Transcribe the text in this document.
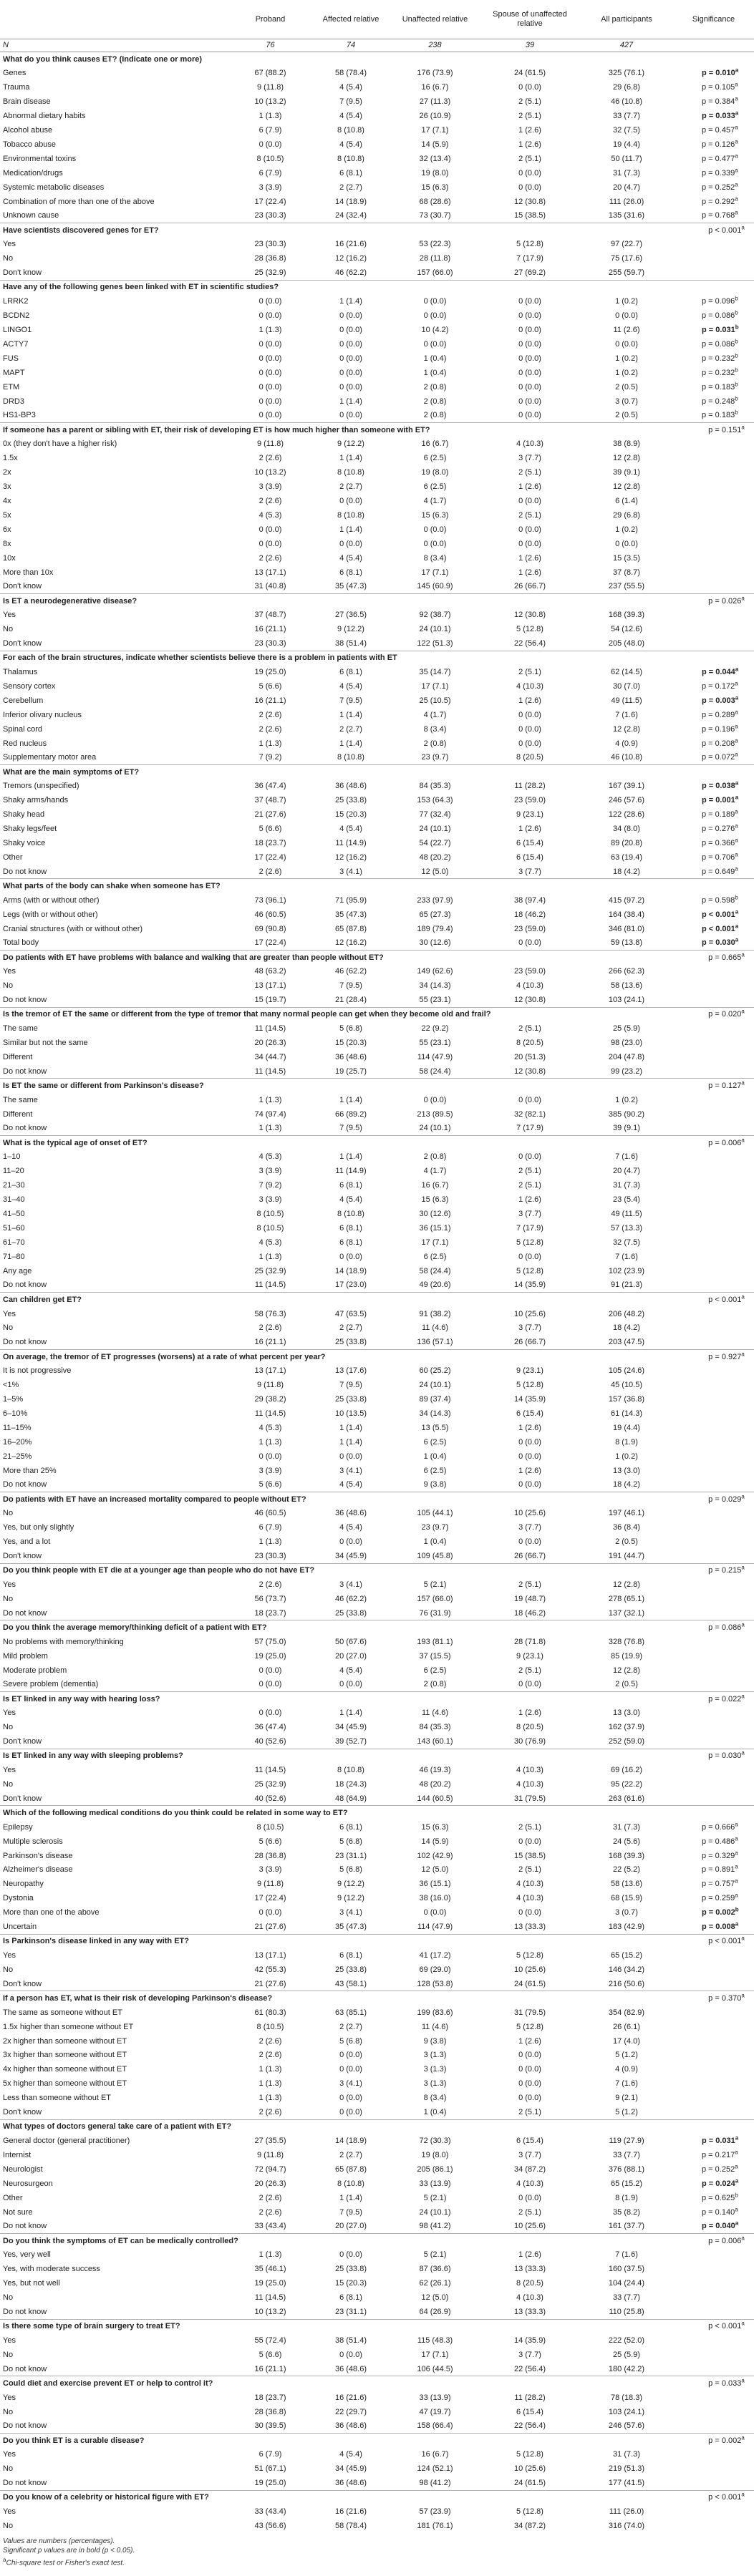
	Proband	Affected relative	Unaffected relative	Spouse of unaffected relative	All participants	Significance
N	76	74	238	39	427	
What do you think causes ET? (Indicate one or more)						
Genes	67 (88.2)	58 (78.4)	176 (73.9)	24 (61.5)	325 (76.1)	p = 0.010$^a$
Trauma	9 (11.8)	4 (5.4)	16 (6.7)	0 (0.0)	29 (6.8)	p = 0.105$^a$
Brain disease	10 (13.2)	7 (9.5)	27 (11.3)	2 (5.1)	46 (10.8)	p = 0.384$^a$
Abnormal dietary habits	1 (1.3)	4 (5.4)	26 (10.9)	2 (5.1)	33 (7.7)	p = 0.033$^a$
Alcohol abuse	6 (7.9)	8 (10.8)	17 (7.1)	1 (2.6)	32 (7.5)	p = 0.457$^a$
Tobacco abuse	0 (0.0)	4 (5.4)	14 (5.9)	1 (2.6)	19 (4.4)	p = 0.126$^a$
Environmental toxins	8 (10.5)	8 (10.8)	32 (13.4)	2 (5.1)	50 (11.7)	p = 0.477$^a$
Medication/drugs	6 (7.9)	6 (8.1)	19 (8.0)	0 (0.0)	31 (7.3)	p = 0.339$^a$
Systemic metabolic diseases	3 (3.9)	2 (2.7)	15 (6.3)	0 (0.0)	20 (4.7)	p = 0.252$^a$
Combination of more than one of the above	17 (22.4)	14 (18.9)	68 (28.6)	12 (30.8)	111 (26.0)	p = 0.292$^a$
Unknown cause	23 (30.3)	24 (32.4)	73 (30.7)	15 (38.5)	135 (31.6)	p = 0.768$^a$
Have scientists discovered genes for ET?						p < 0.001$^a$
Yes	23 (30.3)	16 (21.6)	53 (22.3)	5 (12.8)	97 (22.7)	
No	28 (36.8)	12 (16.2)	28 (11.8)	7 (17.9)	75 (17.6)	
Don't know	25 (32.9)	46 (62.2)	157 (66.0)	27 (69.2)	255 (59.7)	
Have any of the following genes been linked with ET in scientific studies?						
LRRK2	0 (0.0)	1 (1.4)	0 (0.0)	0 (0.0)	1 (0.2)	p = 0.096$^b$
BCDN2	0 (0.0)	0 (0.0)	0 (0.0)	0 (0.0)	0 (0.0)	p = 0.086$^b$
LINGO1	1 (1.3)	0 (0.0)	10 (4.2)	0 (0.0)	11 (2.6)	p = 0.031$^b$
ACTY7	0 (0.0)	0 (0.0)	0 (0.0)	0 (0.0)	0 (0.0)	p = 0.086$^b$
FUS	0 (0.0)	0 (0.0)	1 (0.4)	0 (0.0)	1 (0.2)	p = 0.232$^b$
MAPT	0 (0.0)	0 (0.0)	1 (0.4)	0 (0.0)	1 (0.2)	p = 0.232$^b$
ETM	0 (0.0)	0 (0.0)	2 (0.8)	0 (0.0)	2 (0.5)	p = 0.183$^b$
DRD3	0 (0.0)	1 (1.4)	2 (0.8)	0 (0.0)	3 (0.7)	p = 0.248$^b$
HS1-BP3	0 (0.0)	0 (0.0)	2 (0.8)	0 (0.0)	2 (0.5)	p = 0.183$^b$
If someone has a parent or sibling with ET, their risk of developing ET is how much higher than someone with ET?						p = 0.151$^a$
0x (they don't have a higher risk)	9 (11.8)	9 (12.2)	16 (6.7)	4 (10.3)	38 (8.9)	
1.5x	2 (2.6)	1 (1.4)	6 (2.5)	3 (7.7)	12 (2.8)	
2x	10 (13.2)	8 (10.8)	19 (8.0)	2 (5.1)	39 (9.1)	
3x	3 (3.9)	2 (2.7)	6 (2.5)	1 (2.6)	12 (2.8)	
4x	2 (2.6)	0 (0.0)	4 (1.7)	0 (0.0)	6 (1.4)	
5x	4 (5.3)	8 (10.8)	15 (6.3)	2 (5.1)	29 (6.8)	
6x	0 (0.0)	1 (1.4)	0 (0.0)	0 (0.0)	1 (0.2)	
8x	0 (0.0)	0 (0.0)	0 (0.0)	0 (0.0)	0 (0.0)	
10x	2 (2.6)	4 (5.4)	8 (3.4)	1 (2.6)	15 (3.5)	
More than 10x	13 (17.1)	6 (8.1)	17 (7.1)	1 (2.6)	37 (8.7)	
Don't know	31 (40.8)	35 (47.3)	145 (60.9)	26 (66.7)	237 (55.5)	
Is ET a neurodegenerative disease?						p = 0.026$^a$
Yes	37 (48.7)	27 (36.5)	92 (38.7)	12 (30.8)	168 (39.3)	
No	16 (21.1)	9 (12.2)	24 (10.1)	5 (12.8)	54 (12.6)	
Don't know	23 (30.3)	38 (51.4)	122 (51.3)	22 (56.4)	205 (48.0)	
For each of the brain structures, indicate whether scientists believe there is a problem in patients with ET						
Thalamus	19 (25.0)	6 (8.1)	35 (14.7)	2 (5.1)	62 (14.5)	p = 0.044$^a$
Sensory cortex	5 (6.6)	4 (5.4)	17 (7.1)	4 (10.3)	30 (7.0)	p = 0.172$^a$
Cerebellum	16 (21.1)	7 (9.5)	25 (10.5)	1 (2.6)	49 (11.5)	p = 0.003$^a$
Inferior olivary nucleus	2 (2.6)	1 (1.4)	4 (1.7)	0 (0.0)	7 (1.6)	p = 0.289$^a$
Spinal cord	2 (2.6)	2 (2.7)	8 (3.4)	0 (0.0)	12 (2.8)	p = 0.196$^a$
Red nucleus	1 (1.3)	1 (1.4)	2 (0.8)	0 (0.0)	4 (0.9)	p = 0.208$^a$
Supplementary motor area	7 (9.2)	8 (10.8)	23 (9.7)	8 (20.5)	46 (10.8)	p = 0.072$^a$
What are the main symptoms of ET?						
Tremors (unspecified)	36 (47.4)	36 (48.6)	84 (35.3)	11 (28.2)	167 (39.1)	p = 0.038$^a$
Shaky arms/hands	37 (48.7)	25 (33.8)	153 (64.3)	23 (59.0)	246 (57.6)	p = 0.001$^a$
Shaky head	21 (27.6)	15 (20.3)	77 (32.4)	9 (23.1)	122 (28.6)	p = 0.189$^a$
Shaky legs/feet	5 (6.6)	4 (5.4)	24 (10.1)	1 (2.6)	34 (8.0)	p = 0.276$^a$
Shaky voice	18 (23.7)	11 (14.9)	54 (22.7)	6 (15.4)	89 (20.8)	p = 0.366$^a$
Other	17 (22.4)	12 (16.2)	48 (20.2)	6 (15.4)	63 (19.4)	p = 0.706$^a$
Do not know	2 (2.6)	3 (4.1)	12 (5.0)	3 (7.7)	18 (4.2)	p = 0.649$^a$
What parts of the body can shake when someone has ET?						
Arms (with or without other)	73 (96.1)	71 (95.9)	233 (97.9)	38 (97.4)	415 (97.2)	p = 0.598$^b$
Legs (with or without other)	46 (60.5)	35 (47.3)	65 (27.3)	18 (46.2)	164 (38.4)	p < 0.001$^a$
Cranial structures (with or without other)	69 (90.8)	65 (87.8)	189 (79.4)	23 (59.0)	346 (81.0)	p < 0.001$^a$
Total body	17 (22.4)	12 (16.2)	30 (12.6)	0 (0.0)	59 (13.8)	p = 0.030$^a$
Do patients with ET have problems with balance and walking that are greater than people without ET?						p = 0.665$^a$
Yes	48 (63.2)	46 (62.2)	149 (62.6)	23 (59.0)	266 (62.3)	
No	13 (17.1)	7 (9.5)	34 (14.3)	4 (10.3)	58 (13.6)	
Do not know	15 (19.7)	21 (28.4)	55 (23.1)	12 (30.8)	103 (24.1)	
Is the tremor of ET the same or different from the type of tremor that many normal people can get when they become old and frail?						p = 0.020$^a$
The same	11 (14.5)	5 (6.8)	22 (9.2)	2 (5.1)	25 (5.9)	
Similar but not the same	20 (26.3)	15 (20.3)	55 (23.1)	8 (20.5)	98 (23.0)	
Different	34 (44.7)	36 (48.6)	114 (47.9)	20 (51.3)	204 (47.8)	
Do not know	11 (14.5)	19 (25.7)	58 (24.4)	12 (30.8)	99 (23.2)	
Is ET the same or different from Parkinson's disease?						p = 0.127$^a$
The same	1 (1.3)	1 (1.4)	0 (0.0)	0 (0.0)	1 (0.2)	
Different	74 (97.4)	66 (89.2)	213 (89.5)	32 (82.1)	385 (90.2)	
Do not know	1 (1.3)	7 (9.5)	24 (10.1)	7 (17.9)	39 (9.1)	
What is the typical age of onset of ET?						p = 0.006$^a$
1–10	4 (5.3)	1 (1.4)	2 (0.8)	0 (0.0)	7 (1.6)	
11–20	3 (3.9)	11 (14.9)	4 (1.7)	2 (5.1)	20 (4.7)	
21–30	7 (9.2)	6 (8.1)	16 (6.7)	2 (5.1)	31 (7.3)	
31–40	3 (3.9)	4 (5.4)	15 (6.3)	1 (2.6)	23 (5.4)	
41–50	8 (10.5)	8 (10.8)	30 (12.6)	3 (7.7)	49 (11.5)	
51–60	8 (10.5)	6 (8.1)	36 (15.1)	7 (17.9)	57 (13.3)	
61–70	4 (5.3)	6 (8.1)	17 (7.1)	5 (12.8)	32 (7.5)	
71–80	1 (1.3)	0 (0.0)	6 (2.5)	0 (0.0)	7 (1.6)	
Any age	25 (32.9)	14 (18.9)	58 (24.4)	5 (12.8)	102 (23.9)	
Do not know	11 (14.5)	17 (23.0)	49 (20.6)	14 (35.9)	91 (21.3)	
Can children get ET?						p < 0.001$^a$
Yes	58 (76.3)	47 (63.5)	91 (38.2)	10 (25.6)	206 (48.2)	
No	2 (2.6)	2 (2.7)	11 (4.6)	3 (7.7)	18 (4.2)	
Do not know	16 (21.1)	25 (33.8)	136 (57.1)	26 (66.7)	203 (47.5)	
On average, the tremor of ET progresses (worsens) at a rate of what percent per year?						p = 0.927$^a$
It is not progressive	13 (17.1)	13 (17.6)	60 (25.2)	9 (23.1)	105 (24.6)	
<1%	9 (11.8)	7 (9.5)	24 (10.1)	5 (12.8)	45 (10.5)	
1–5%	29 (38.2)	25 (33.8)	89 (37.4)	14 (35.9)	157 (36.8)	
6–10%	11 (14.5)	10 (13.5)	34 (14.3)	6 (15.4)	61 (14.3)	
11–15%	4 (5.3)	1 (1.4)	13 (5.5)	1 (2.6)	19 (4.4)	
16–20%	1 (1.3)	1 (1.4)	6 (2.5)	0 (0.0)	8 (1.9)	
21–25%	0 (0.0)	0 (0.0)	1 (0.4)	0 (0.0)	1 (0.2)	
More than 25%	3 (3.9)	3 (4.1)	6 (2.5)	1 (2.6)	13 (3.0)	
Do not know	5 (6.6)	4 (5.4)	9 (3.8)	0 (0.0)	18 (4.2)	
Do patients with ET have an increased mortality compared to people without ET?						p = 0.029$^a$
No	46 (60.5)	36 (48.6)	105 (44.1)	10 (25.6)	197 (46.1)	
Yes, but only slightly	6 (7.9)	4 (5.4)	23 (9.7)	3 (7.7)	36 (8.4)	
Yes, and a lot	1 (1.3)	0 (0.0)	1 (0.4)	0 (0.0)	2 (0.5)	
Don't know	23 (30.3)	34 (45.9)	109 (45.8)	26 (66.7)	191 (44.7)	
Do you think people with ET die at a younger age than people who do not have ET?						p = 0.215$^a$
Yes	2 (2.6)	3 (4.1)	5 (2.1)	2 (5.1)	12 (2.8)	
No	56 (73.7)	46 (62.2)	157 (66.0)	19 (48.7)	278 (65.1)	
Do not know	18 (23.7)	25 (33.8)	76 (31.9)	18 (46.2)	137 (32.1)	
Do you think the average memory/thinking deficit of a patient with ET?						p = 0.086$^a$
No problems with memory/thinking	57 (75.0)	50 (67.6)	193 (81.1)	28 (71.8)	328 (76.8)	
Mild problem	19 (25.0)	20 (27.0)	37 (15.5)	9 (23.1)	85 (19.9)	
Moderate problem	0 (0.0)	4 (5.4)	6 (2.5)	2 (5.1)	12 (2.8)	
Severe problem (dementia)	0 (0.0)	0 (0.0)	2 (0.8)	0 (0.0)	2 (0.5)	
Is ET linked in any way with hearing loss?						p = 0.022$^a$
Yes	0 (0.0)	1 (1.4)	11 (4.6)	1 (2.6)	13 (3.0)	
No	36 (47.4)	34 (45.9)	84 (35.3)	8 (20.5)	162 (37.9)	
Don't know	40 (52.6)	39 (52.7)	143 (60.1)	30 (76.9)	252 (59.0)	
Is ET linked in any way with sleeping problems?						p = 0.030$^a$
Yes	11 (14.5)	8 (10.8)	46 (19.3)	4 (10.3)	69 (16.2)	
No	25 (32.9)	18 (24.3)	48 (20.2)	4 (10.3)	95 (22.2)	
Don't know	40 (52.6)	48 (64.9)	144 (60.5)	31 (79.5)	263 (61.6)	
Which of the following medical conditions do you think could be related in some way to ET?						
Epilepsy	8 (10.5)	6 (8.1)	15 (6.3)	2 (5.1)	31 (7.3)	p = 0.666$^a$
Multiple sclerosis	5 (6.6)	5 (6.8)	14 (5.9)	0 (0.0)	24 (5.6)	p = 0.486$^a$
Parkinson's disease	28 (36.8)	23 (31.1)	102 (42.9)	15 (38.5)	168 (39.3)	p = 0.329$^a$
Alzheimer's disease	3 (3.9)	5 (6.8)	12 (5.0)	2 (5.1)	22 (5.2)	p = 0.891$^a$
Neuropathy	9 (11.8)	9 (12.2)	36 (15.1)	4 (10.3)	58 (13.6)	p = 0.757$^a$
Dystonia	17 (22.4)	9 (12.2)	38 (16.0)	4 (10.3)	68 (15.9)	p = 0.259$^a$
More than one of the above	0 (0.0)	3 (4.1)	0 (0.0)	0 (0.0)	3 (0.7)	p = 0.002$^b$
Uncertain	21 (27.6)	35 (47.3)	114 (47.9)	13 (33.3)	183 (42.9)	p = 0.008$^a$
Is Parkinson's disease linked in any way with ET?						p < 0.001$^a$
Yes	13 (17.1)	6 (8.1)	41 (17.2)	5 (12.8)	65 (15.2)	
No	42 (55.3)	25 (33.8)	69 (29.0)	10 (25.6)	146 (34.2)	
Don't know	21 (27.6)	43 (58.1)	128 (53.8)	24 (61.5)	216 (50.6)	
If a person has ET, what is their risk of developing Parkinson's disease?						p = 0.370$^a$
The same as someone without ET	61 (80.3)	63 (85.1)	199 (83.6)	31 (79.5)	354 (82.9)	
1.5x higher than someone without ET	8 (10.5)	2 (2.7)	11 (4.6)	5 (12.8)	26 (6.1)	
2x higher than someone without ET	2 (2.6)	5 (6.8)	9 (3.8)	1 (2.6)	17 (4.0)	
3x higher than someone without ET	2 (2.6)	0 (0.0)	3 (1.3)	0 (0.0)	5 (1.2)	
4x higher than someone without ET	1 (1.3)	0 (0.0)	3 (1.3)	0 (0.0)	4 (0.9)	
5x higher than someone without ET	1 (1.3)	3 (4.1)	3 (1.3)	0 (0.0)	7 (1.6)	
Less than someone without ET	1 (1.3)	0 (0.0)	8 (3.4)	0 (0.0)	9 (2.1)	
Don't know	2 (2.6)	0 (0.0)	1 (0.4)	2 (5.1)	5 (1.2)	
What types of doctors general take care of a patient with ET?						
General doctor (general practitioner)	27 (35.5)	14 (18.9)	72 (30.3)	6 (15.4)	119 (27.9)	p = 0.031$^a$
Internist	9 (11.8)	2 (2.7)	19 (8.0)	3 (7.7)	33 (7.7)	p = 0.217$^a$
Neurologist	72 (94.7)	65 (87.8)	205 (86.1)	34 (87.2)	376 (88.1)	p = 0.252$^a$
Neurosurgeon	20 (26.3)	8 (10.8)	33 (13.9)	4 (10.3)	65 (15.2)	p = 0.024$^a$
Other	2 (2.6)	1 (1.4)	5 (2.1)	0 (0.0)	8 (1.9)	p = 0.625$^b$
Not sure	2 (2.6)	7 (9.5)	24 (10.1)	2 (5.1)	35 (8.2)	p = 0.140$^a$
Do not know	33 (43.4)	20 (27.0)	98 (41.2)	10 (25.6)	161 (37.7)	p = 0.040$^a$
Do you think the symptoms of ET can be medically controlled?						p = 0.006$^a$
Yes, very well	1 (1.3)	0 (0.0)	5 (2.1)	1 (2.6)	7 (1.6)	
Yes, with moderate success	35 (46.1)	25 (33.8)	87 (36.6)	13 (33.3)	160 (37.5)	
Yes, but not well	19 (25.0)	15 (20.3)	62 (26.1)	8 (20.5)	104 (24.4)	
No	11 (14.5)	6 (8.1)	12 (5.0)	4 (10.3)	33 (7.7)	
Do not know	10 (13.2)	23 (31.1)	64 (26.9)	13 (33.3)	110 (25.8)	
Is there some type of brain surgery to treat ET?						p < 0.001$^a$
Yes	55 (72.4)	38 (51.4)	115 (48.3)	14 (35.9)	222 (52.0)	
No	5 (6.6)	0 (0.0)	17 (7.1)	3 (7.7)	25 (5.9)	
Do not know	16 (21.1)	36 (48.6)	106 (44.5)	22 (56.4)	180 (42.2)	
Could diet and exercise prevent ET or help to control it?						p = 0.033$^a$
Yes	18 (23.7)	16 (21.6)	33 (13.9)	11 (28.2)	78 (18.3)	
No	28 (36.8)	22 (29.7)	47 (19.7)	6 (15.4)	103 (24.1)	
Do not know	30 (39.5)	36 (48.6)	158 (66.4)	22 (56.4)	246 (57.6)	
Do you think ET is a curable disease?						p = 0.002$^a$
Yes	6 (7.9)	4 (5.4)	16 (6.7)	5 (12.8)	31 (7.3)	
No	51 (67.1)	34 (45.9)	124 (52.1)	10 (25.6)	219 (51.3)	
Do not know	19 (25.0)	36 (48.6)	98 (41.2)	24 (61.5)	177 (41.5)	
Do you know of a celebrity or historical figure with ET?						p < 0.001$^a$
Yes	33 (43.4)	16 (21.6)	57 (23.9)	5 (12.8)	111 (26.0)	
No	43 (56.6)	58 (78.4)	181 (76.1)	34 (87.2)	316 (74.0)	
Values are numbers (percentages).
Significant p values are in bold (p < 0.05).
$^a$Chi-square test or Fisher's exact test.
